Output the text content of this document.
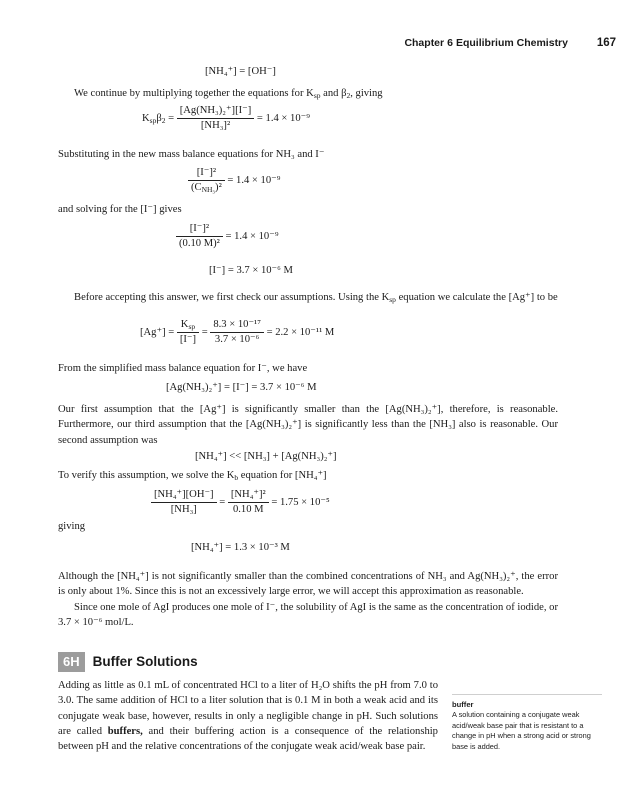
Chapter 6 Equilibrium Chemistry	167
[NH₄⁺] = [OH⁻]
We continue by multiplying together the equations for $K_{sp}$ and $\beta_2$, giving
$K_{sp}\beta_2 = \frac{\text{[Ag(NH₃)₂⁺][I⁻]}}{\text{[NH₃]²}} = 1.4 \times 10^{-9}$
Substituting in the new mass balance equations for NH₃ and I⁻
$\frac{\text{[I⁻]²}}{(C_{NH_3})^2} = 1.4 \times 10^{-9}$
and solving for the [I⁻] gives
$\frac{\text{[I⁻]²}}{\text{(0.10 M)²}} = 1.4 \times 10^{-9}$
[I⁻] = 3.7 × 10⁻⁶ M
Before accepting this answer, we first check our assumptions. Using the $K_{sp}$ equation we calculate the [Ag⁺] to be
$[Ag^+] = \frac{K_{sp}}{[I^-]} = \frac{\text{8.3 × 10⁻¹⁷}}{\text{3.7 × 10⁻⁶}} = 2.2 \times 10^{-11}$ M
From the simplified mass balance equation for I⁻, we have
[Ag(NH₃)₂⁺] = [I⁻] = 3.7 × 10⁻⁶ M
Our first assumption that the [Ag⁺] is significantly smaller than the [Ag(NH₃)₂⁺], therefore, is reasonable. Furthermore, our third assumption that the [Ag(NH₃)₂⁺] is significantly less than the [NH₃] also is reasonable. Our second assumption was
[NH₄⁺] << [NH₃] + [Ag(NH₃)₂⁺]
To verify this assumption, we solve the $K_b$ equation for [NH₄⁺]
$\frac{\text{[NH₄⁺][OH⁻]}}{\text{[NH₃]}} = \frac{\text{[NH₄⁺]²}}{0.10 M} = 1.75 \times 10^{-5}$
giving
[NH₄⁺] = 1.3 × 10⁻³ M
Although the [NH₄⁺] is not significantly smaller than the combined concentrations of NH₃ and Ag(NH₃)₂⁺, the error is only about 1%. Since this is not an excessively large error, we will accept this approximation as reasonable.
Since one mole of AgI produces one mole of I⁻, the solubility of AgI is the same as the concentration of iodide, or 3.7 × 10⁻⁶ mol/L.
6H Buffer Solutions
Adding as little as 0.1 mL of concentrated HCl to a liter of H₂O shifts the pH from 7.0 to 3.0. The same addition of HCl to a liter solution that is 0.1 M in both a weak acid and its conjugate weak base, however, results in only a negligible change in pH. Such solutions are called buffers, and their buffering action is a consequence of the relationship between pH and the relative concentrations of the conjugate weak acid/weak base pair.
buffer
A solution containing a conjugate weak acid/weak base pair that is resistant to a change in pH when a strong acid or strong base is added.
